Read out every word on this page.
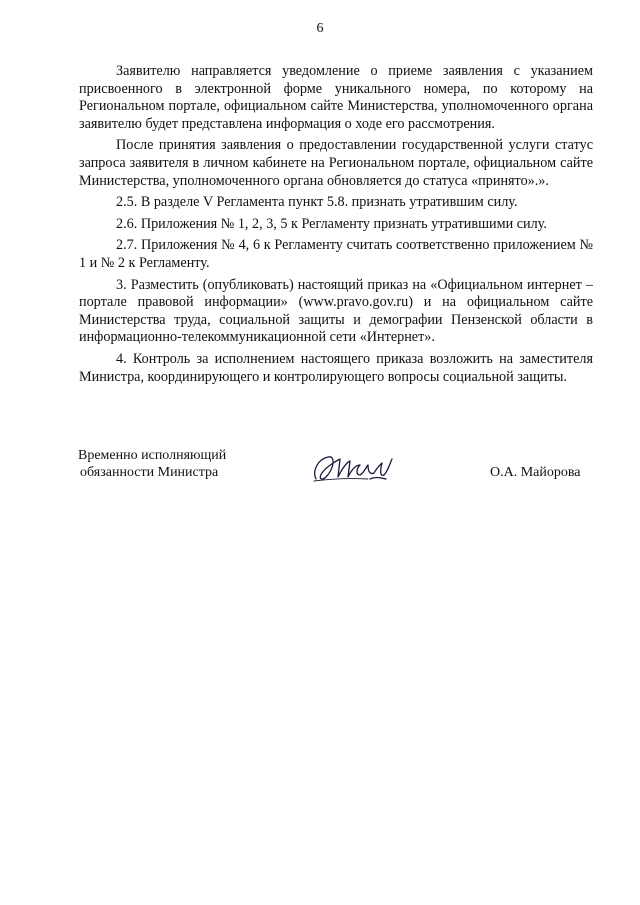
6

Заявителю направляется уведомление о приеме заявления с указанием присвоенного в электронной форме уникального номера, по которому на Региональном портале, официальном сайте Министерства, уполномоченного органа заявителю будет представлена информация о ходе его рассмотрения.

После принятия заявления о предоставлении государственной услуги статус запроса заявителя в личном кабинете на Региональном портале, официальном сайте Министерства, уполномоченного органа обновляется до статуса «принято».».

2.5. В разделе V Регламента пункт 5.8. признать утратившим силу.

2.6. Приложения № 1, 2, 3, 5 к Регламенту признать утратившими силу.

2.7. Приложения № 4, 6 к Регламенту считать соответственно приложением № 1 и № 2 к Регламенту.

3. Разместить (опубликовать) настоящий приказ на «Официальном интернет – портале правовой информации» (www.pravo.gov.ru) и на официальном сайте Министерства труда, социальной защиты и демографии Пензенской области в информационно-телекоммуникационной сети «Интернет».

4. Контроль за исполнением настоящего приказа возложить на заместителя Министра, координирующего и контролирующего вопросы социальной защиты.

Временно исполняющий
обязанности Министра	О.А. Майорова
